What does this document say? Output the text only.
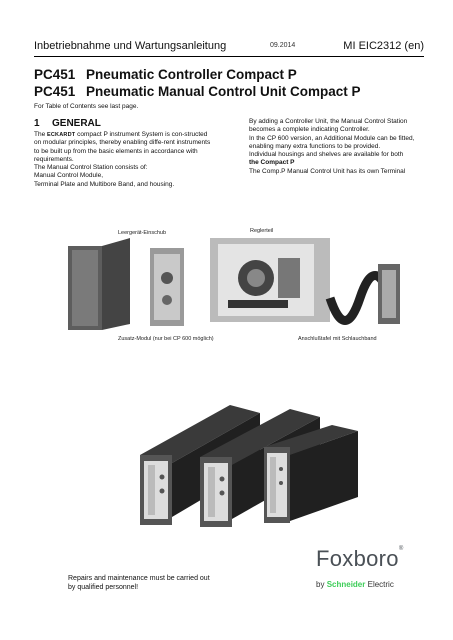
Inbetriebnahme und Wartungsanleitung	09.2014	MI EIC2312 (en)
PC451 Pneumatic Controller Compact P
PC451 Pneumatic Manual Control Unit Compact P
For Table of Contents see last page.
1 GENERAL
The ECKARDT compact P instrument System is con-structed on modular principles, thereby enabling diffe-rent instruments to be built up from the basic elements in accordance with requirements.
The Manual Control Station consists of:
Manual Control Module,
Terminal Plate and Multibore Band, and housing.
By adding a Controller Unit, the Manual Control Station becomes a complete indicating Controller.
In the CP 600 version, an Additional Module can be fitted, enabling many extra functions to be provided.
Individual housings and shelves are available for both
the Compact P
The Comp.P Manual Control Unit has its own Terminal
Leergerät-Einschub	Reglerteil
Zusatz-Modul (nur bei CP 600 möglich)	Anschlußtafel mit Schlauchband
Repairs and maintenance must be carried out by qualified personnel!
Foxboro®
by Schneider Electric
